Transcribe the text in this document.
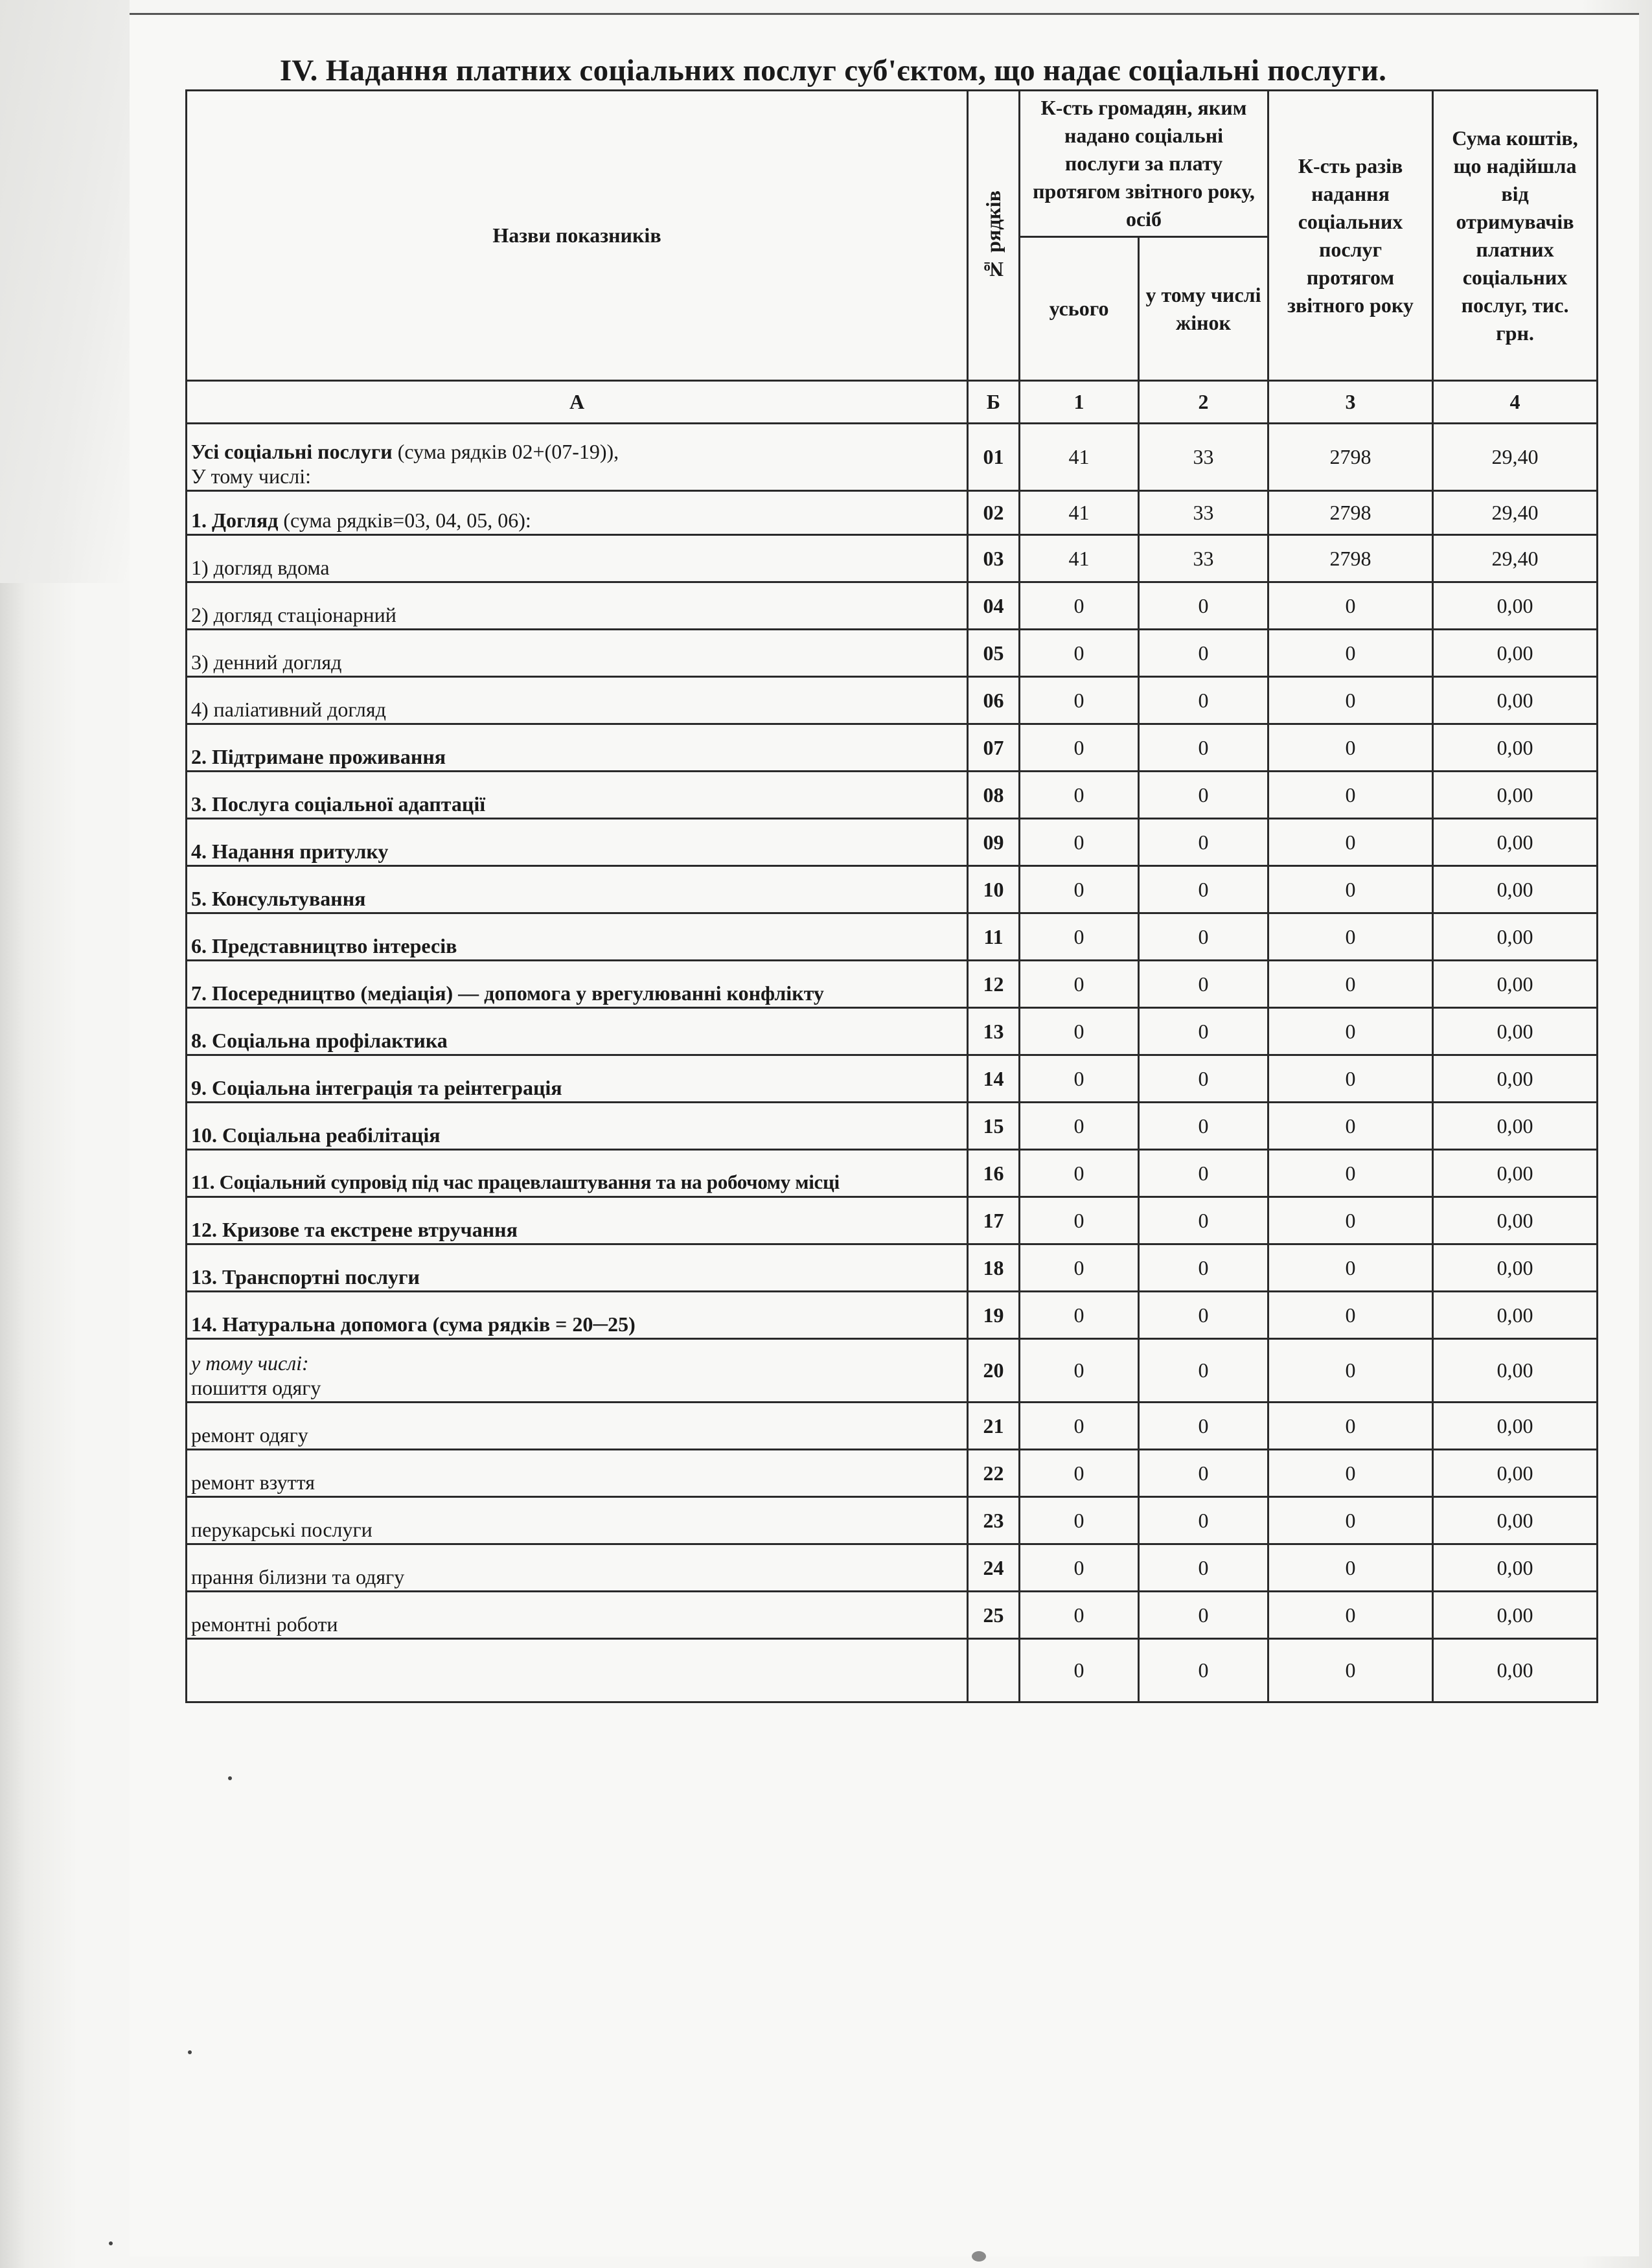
IV. Надання платних соціальних послуг суб'єктом, що надає соціальні послуги.
Назви показників	№ рядків	К-сть громадян, яким надано соціальні послуги за плату протягом звітного року, осіб		К-сть разів надання соціальних послуг протягом звітного року	Сума коштів, що надійшла від отримувачів платних соціальних послуг, тис. грн.
		усього	у тому числі жінок		
А	Б	1	2	3	4
Усі соціальні послуги (сума рядків 02+(07-19)),
У тому числі:	01	41	33	2798	29,40
1. Догляд (сума рядків=03, 04, 05, 06):	02	41	33	2798	29,40
1) догляд вдома	03	41	33	2798	29,40
2) догляд стаціонарний	04	0	0	0	0,00
3) денний догляд	05	0	0	0	0,00
4) паліативний догляд	06	0	0	0	0,00
2. Підтримане проживання	07	0	0	0	0,00
3. Послуга соціальної адаптації	08	0	0	0	0,00
4. Надання притулку	09	0	0	0	0,00
5. Консультування	10	0	0	0	0,00
6. Представництво інтересів	11	0	0	0	0,00
7. Посередництво (медіація) — допомога у врегулюванні конфлікту	12	0	0	0	0,00
8. Соціальна профілактика	13	0	0	0	0,00
9. Соціальна інтеграція та реінтеграція	14	0	0	0	0,00
10. Соціальна реабілітація	15	0	0	0	0,00
11. Соціальний супровід під час працевлаштування та на робочому місці	16	0	0	0	0,00
12. Кризове та екстрене втручання	17	0	0	0	0,00
13. Транспортні послуги	18	0	0	0	0,00
14. Натуральна допомога (сума рядків = 20─25)	19	0	0	0	0,00
у тому числі:
пошиття одягу	20	0	0	0	0,00
ремонт одягу	21	0	0	0	0,00
ремонт взуття	22	0	0	0	0,00
перукарські послуги	23	0	0	0	0,00
прання білизни та одягу	24	0	0	0	0,00
ремонтні роботи	25	0	0	0	0,00
		0	0	0	0,00
